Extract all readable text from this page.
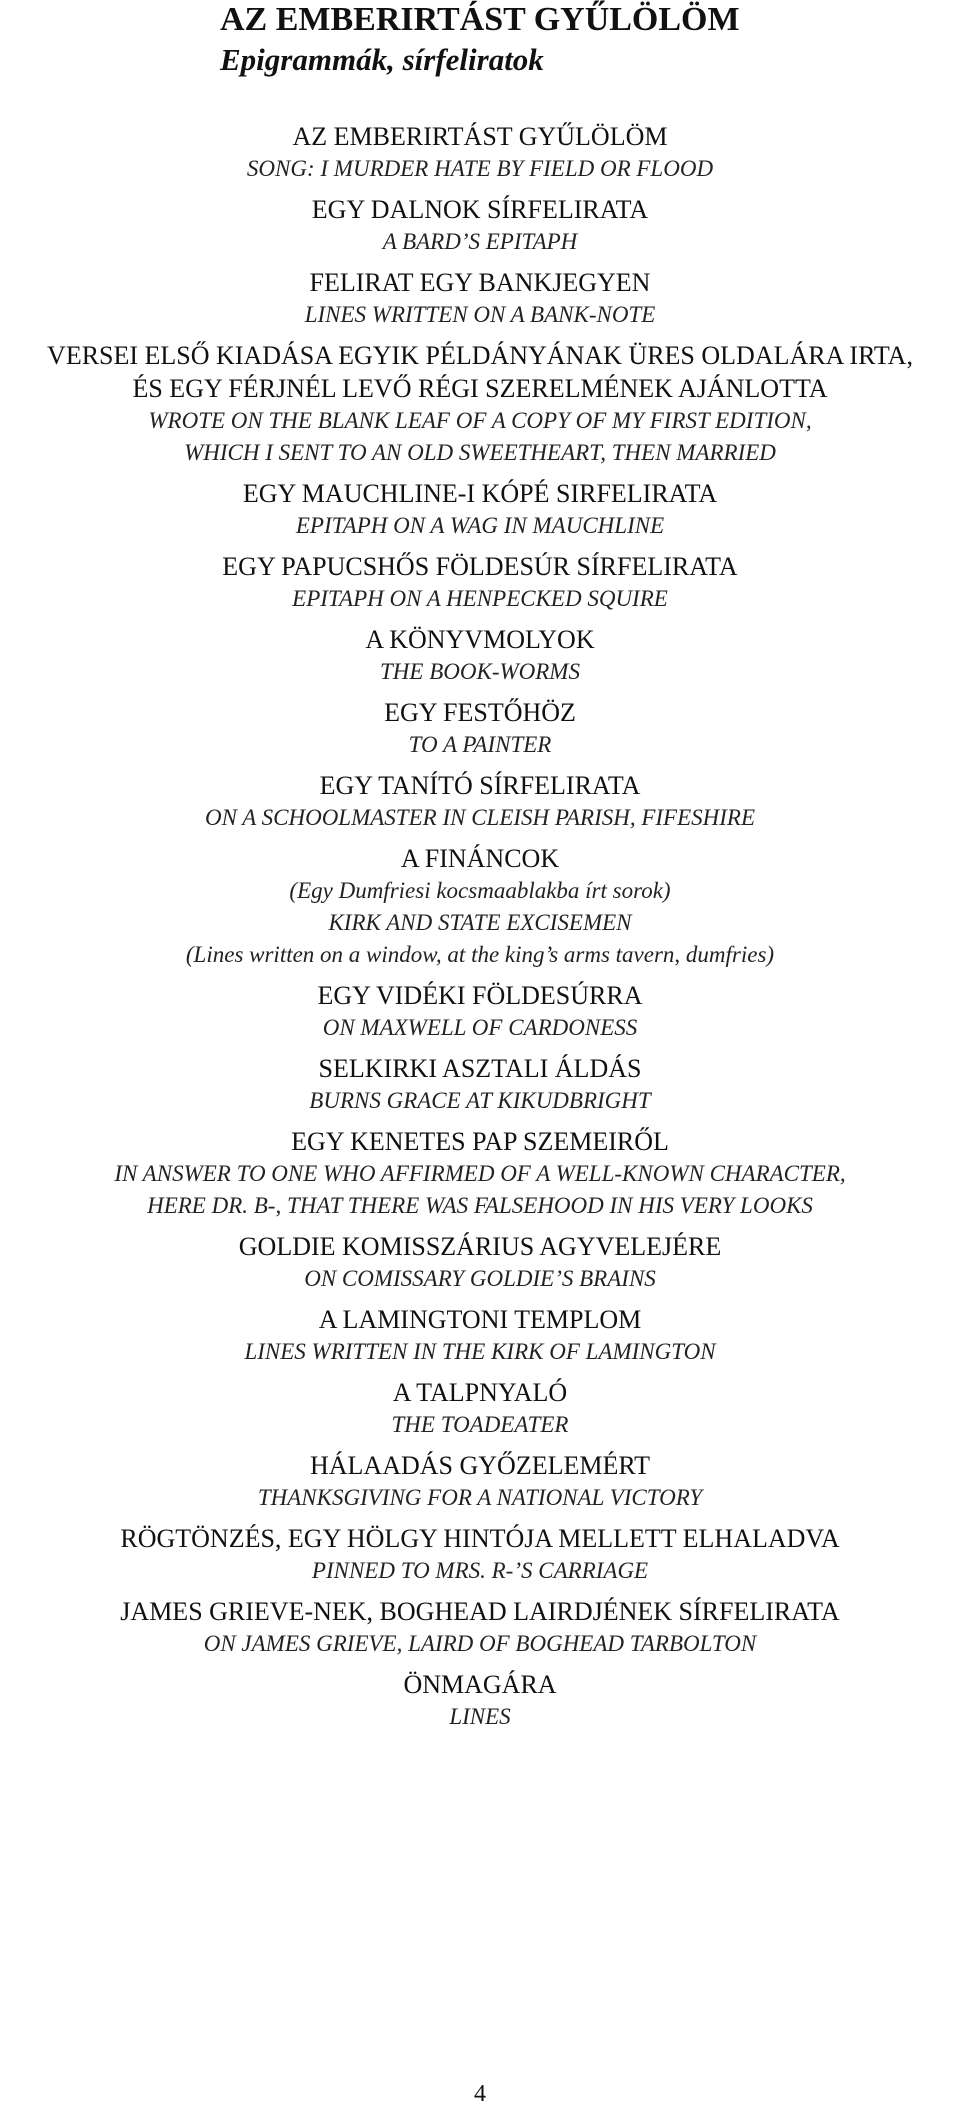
AZ EMBERIRTÁST GYŰLÖLÖM
Epigrammák, sírfeliratok
AZ EMBERIRTÁST GYŰLÖLÖM
SONG: I MURDER HATE BY FIELD OR FLOOD
EGY DALNOK SÍRFELIRATA
A BARD’S EPITAPH
FELIRAT EGY BANKJEGYEN
LINES WRITTEN ON A BANK-NOTE
VERSEI ELSŐ KIADÁSA EGYIK PÉLDÁNYÁNAK ÜRES OLDALÁRA IRTA,
ÉS EGY FÉRJNÉL LEVŐ RÉGI SZERELMÉNEK AJÁNLOTTA
WROTE ON THE BLANK LEAF OF A COPY OF MY FIRST EDITION,
WHICH I SENT TO AN OLD SWEETHEART, THEN MARRIED
EGY MAUCHLINE-I KÓPÉ SIRFELIRATA
EPITAPH ON A WAG IN MAUCHLINE
EGY PAPUCSHŐS FÖLDESÚR SÍRFELIRATA
EPITAPH ON A HENPECKED SQUIRE
A KÖNYVMOLYOK
THE BOOK-WORMS
EGY FESTŐHÖZ
TO A PAINTER
EGY TANÍTÓ SÍRFELIRATA
ON A SCHOOLMASTER IN CLEISH PARISH, FIFESHIRE
A FINÁNCOK
(Egy Dumfriesi kocsmaablakba írt sorok)
KIRK AND STATE EXCISEMEN
(Lines written on a window, at the king’s arms tavern, dumfries)
EGY VIDÉKI FÖLDESÚRRA
ON MAXWELL OF CARDONESS
SELKIRKI ASZTALI ÁLDÁS
BURNS GRACE AT KIKUDBRIGHT
EGY KENETES PAP SZEMEIRŐL
IN ANSWER TO ONE WHO AFFIRMED OF A WELL-KNOWN CHARACTER,
HERE DR. B-, THAT THERE WAS FALSEHOOD IN HIS VERY LOOKS
GOLDIE KOMISSZÁRIUS AGYVELEJÉRE
ON COMISSARY GOLDIE’S BRAINS
A LAMINGTONI TEMPLOM
LINES WRITTEN IN THE KIRK OF LAMINGTON
A TALPNYALÓ
THE TOADEATER
HÁLAADÁS GYŐZELEMÉRT
THANKSGIVING FOR A NATIONAL VICTORY
RÖGTÖNZÉS, EGY HÖLGY HINTÓJA MELLETT ELHALADVA
PINNED TO MRS. R-’S CARRIAGE
JAMES GRIEVE-NEK, BOGHEAD LAIRDJÉNEK SÍRFELIRATA
ON JAMES GRIEVE, LAIRD OF BOGHEAD TARBOLTON
ÖNMAGÁRA
LINES
4
